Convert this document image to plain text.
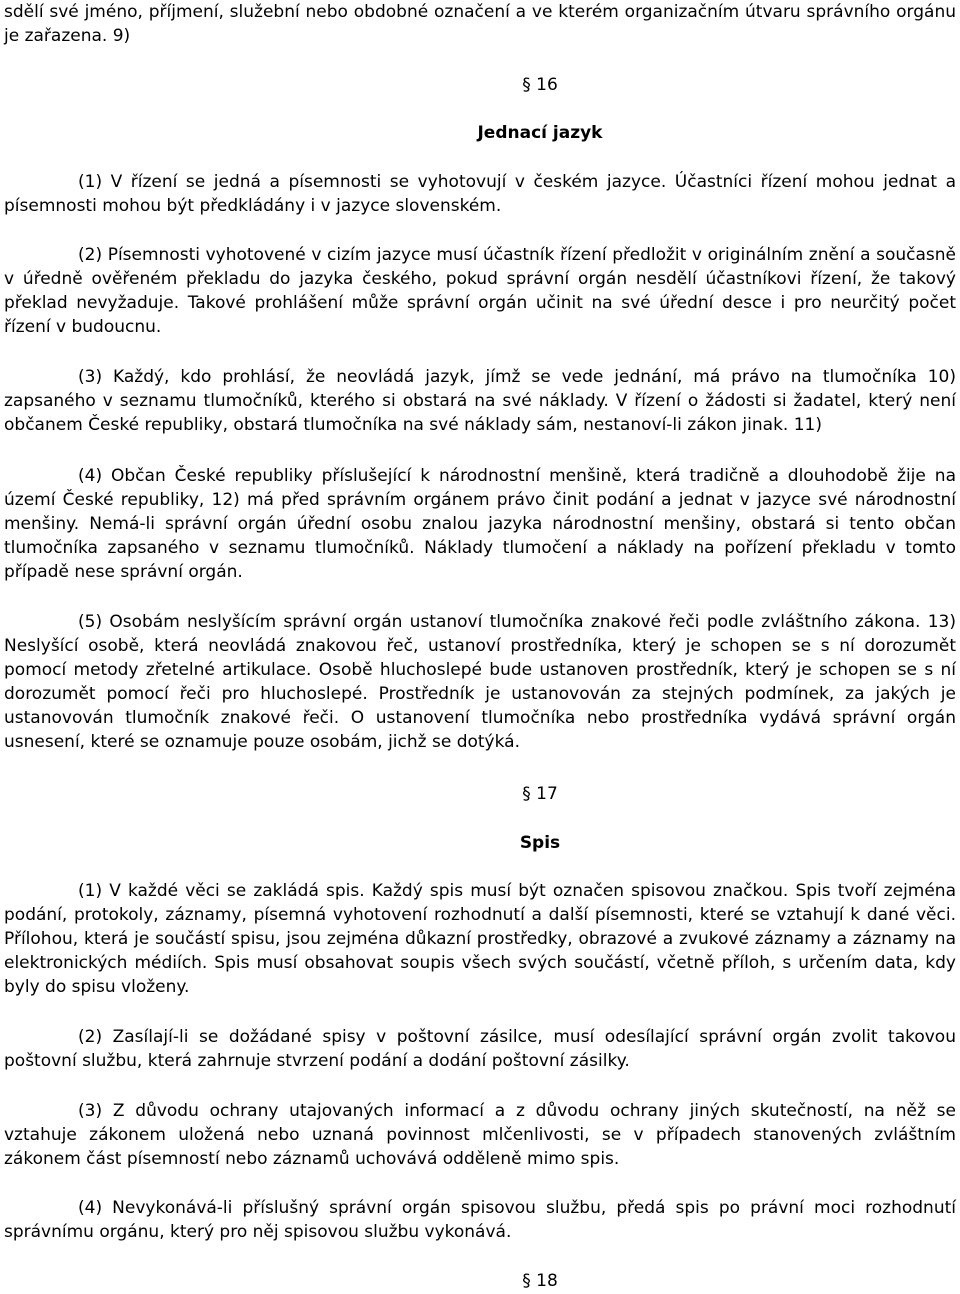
sdělí své jméno, příjmení, služební nebo obdobné označení a ve kterém organizačním útvaru správního orgánu je zařazena. 9)

§ 16

Jednací jazyk

(1) V řízení se jedná a písemnosti se vyhotovují v českém jazyce. Účastníci řízení mohou jednat a písemnosti mohou být předkládány i v jazyce slovenském.

(2) Písemnosti vyhotovené v cizím jazyce musí účastník řízení předložit v originálním znění a současně v úředně ověřeném překladu do jazyka českého, pokud správní orgán nesdělí účastníkovi řízení, že takový překlad nevyžaduje. Takové prohlášení může správní orgán učinit na své úřední desce i pro neurčitý počet řízení v budoucnu.

(3) Každý, kdo prohlásí, že neovládá jazyk, jímž se vede jednání, má právo na tlumočníka 10) zapsaného v seznamu tlumočníků, kterého si obstará na své náklady. V řízení o žádosti si žadatel, který není občanem České republiky, obstará tlumočníka na své náklady sám, nestanoví-li zákon jinak. 11)

(4) Občan České republiky příslušející k národnostní menšině, která tradičně a dlouhodobě žije na území České republiky, 12) má před správním orgánem právo činit podání a jednat v jazyce své národnostní menšiny. Nemá-li správní orgán úřední osobu znalou jazyka národnostní menšiny, obstará si tento občan tlumočníka zapsaného v seznamu tlumočníků. Náklady tlumočení a náklady na pořízení překladu v tomto případě nese správní orgán.

(5) Osobám neslyšícím správní orgán ustanoví tlumočníka znakové řeči podle zvláštního zákona. 13) Neslyšící osobě, která neovládá znakovou řeč, ustanoví prostředníka, který je schopen se s ní dorozumět pomocí metody zřetelné artikulace. Osobě hluchoslepé bude ustanoven prostředník, který je schopen se s ní dorozumět pomocí řeči pro hluchoslepé. Prostředník je ustanovován za stejných podmínek, za jakých je ustanovován tlumočník znakové řeči. O ustanovení tlumočníka nebo prostředníka vydává správní orgán usnesení, které se oznamuje pouze osobám, jichž se dotýká.

§ 17

Spis

(1) V každé věci se zakládá spis. Každý spis musí být označen spisovou značkou. Spis tvoří zejména podání, protokoly, záznamy, písemná vyhotovení rozhodnutí a další písemnosti, které se vztahují k dané věci. Přílohou, která je součástí spisu, jsou zejména důkazní prostředky, obrazové a zvukové záznamy a záznamy na elektronických médiích. Spis musí obsahovat soupis všech svých součástí, včetně příloh, s určením data, kdy byly do spisu vloženy.

(2) Zasílají-li se dožádané spisy v poštovní zásilce, musí odesílající správní orgán zvolit takovou poštovní službu, která zahrnuje stvrzení podání a dodání poštovní zásilky.

(3) Z důvodu ochrany utajovaných informací a z důvodu ochrany jiných skutečností, na něž se vztahuje zákonem uložená nebo uznaná povinnost mlčenlivosti, se v případech stanovených zvláštním zákonem část písemností nebo záznamů uchovává odděleně mimo spis.

(4) Nevykonává-li příslušný správní orgán spisovou službu, předá spis po právní moci rozhodnutí správnímu orgánu, který pro něj spisovou službu vykonává.

§ 18
